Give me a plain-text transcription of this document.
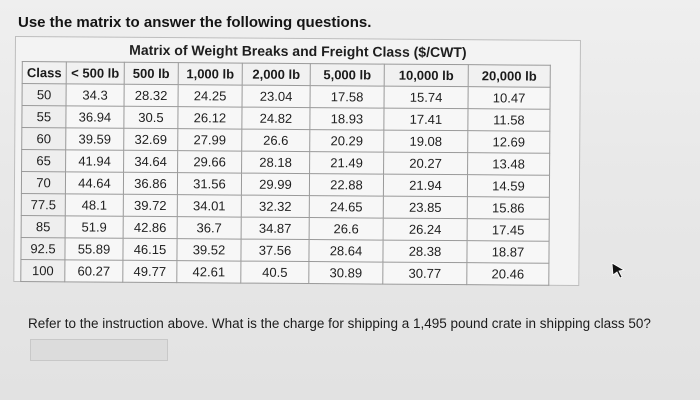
Use the matrix to answer the following questions.
Matrix of Weight Breaks and Freight Class ($/CWT)
Class	< 500 lb	500 lb	1,000 lb	2,000 lb	5,000 lb	10,000 lb	20,000 lb
50	34.3	28.32	24.25	23.04	17.58	15.74	10.47
55	36.94	30.5	26.12	24.82	18.93	17.41	11.58
60	39.59	32.69	27.99	26.6	20.29	19.08	12.69
65	41.94	34.64	29.66	28.18	21.49	20.27	13.48
70	44.64	36.86	31.56	29.99	22.88	21.94	14.59
77.5	48.1	39.72	34.01	32.32	24.65	23.85	15.86
85	51.9	42.86	36.7	34.87	26.6	26.24	17.45
92.5	55.89	46.15	39.52	37.56	28.64	28.38	18.87
100	60.27	49.77	42.61	40.5	30.89	30.77	20.46
Refer to the instruction above. What is the charge for shipping a 1,495 pound crate in shipping class 50?
